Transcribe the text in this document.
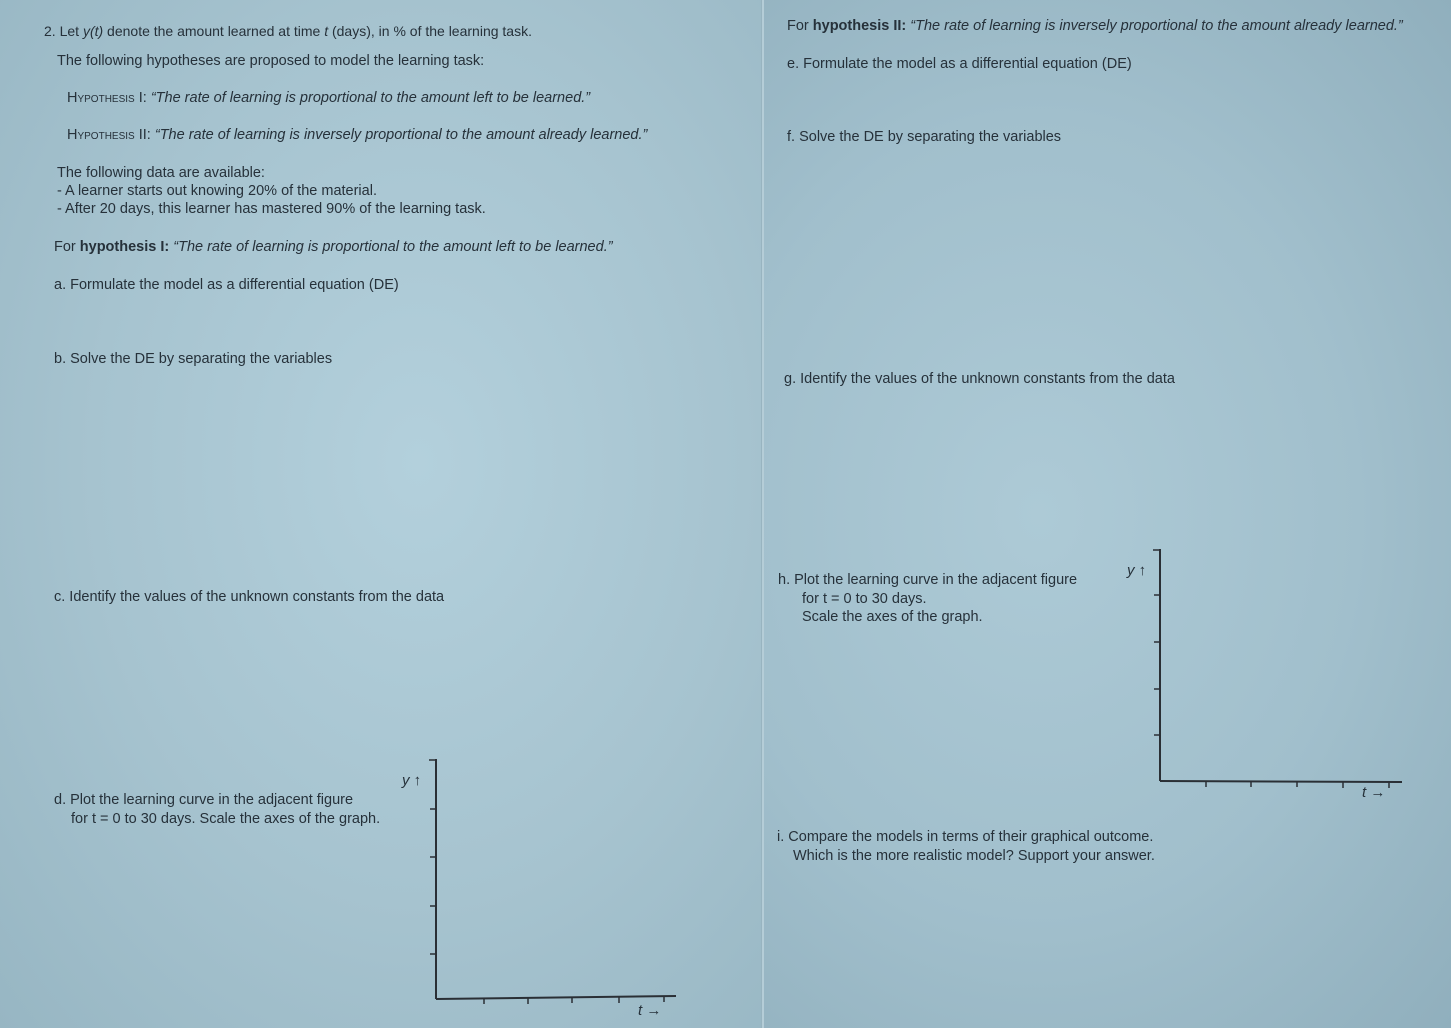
2. Let y(t) denote the amount learned at time t (days), in % of the learning task.
The following hypotheses are proposed to model the learning task:
Hypothesis I: “The rate of learning is proportional to the amount left to be learned.”
Hypothesis II: “The rate of learning is inversely proportional to the amount already learned.”
The following data are available:
- A learner starts out knowing 20% of the material.
- After 20 days, this learner has mastered 90% of the learning task.
For hypothesis I: “The rate of learning is proportional to the amount left to be learned.”
a. Formulate the model as a differential equation (DE)
b. Solve the DE by separating the variables
c. Identify the values of the unknown constants from the data
d. Plot the learning curve in the adjacent figure
for t = 0 to 30 days. Scale the axes of the graph.
y ↑
t →
For hypothesis II: “The rate of learning is inversely proportional to the amount already learned.”
e. Formulate the model as a differential equation (DE)
f. Solve the DE by separating the variables
g. Identify the values of the unknown constants from the data
h. Plot the learning curve in the adjacent figure
for t = 0 to 30 days.
Scale the axes of the graph.
y ↑
t →
i. Compare the models in terms of their graphical outcome.
Which is the more realistic model? Support your answer.
